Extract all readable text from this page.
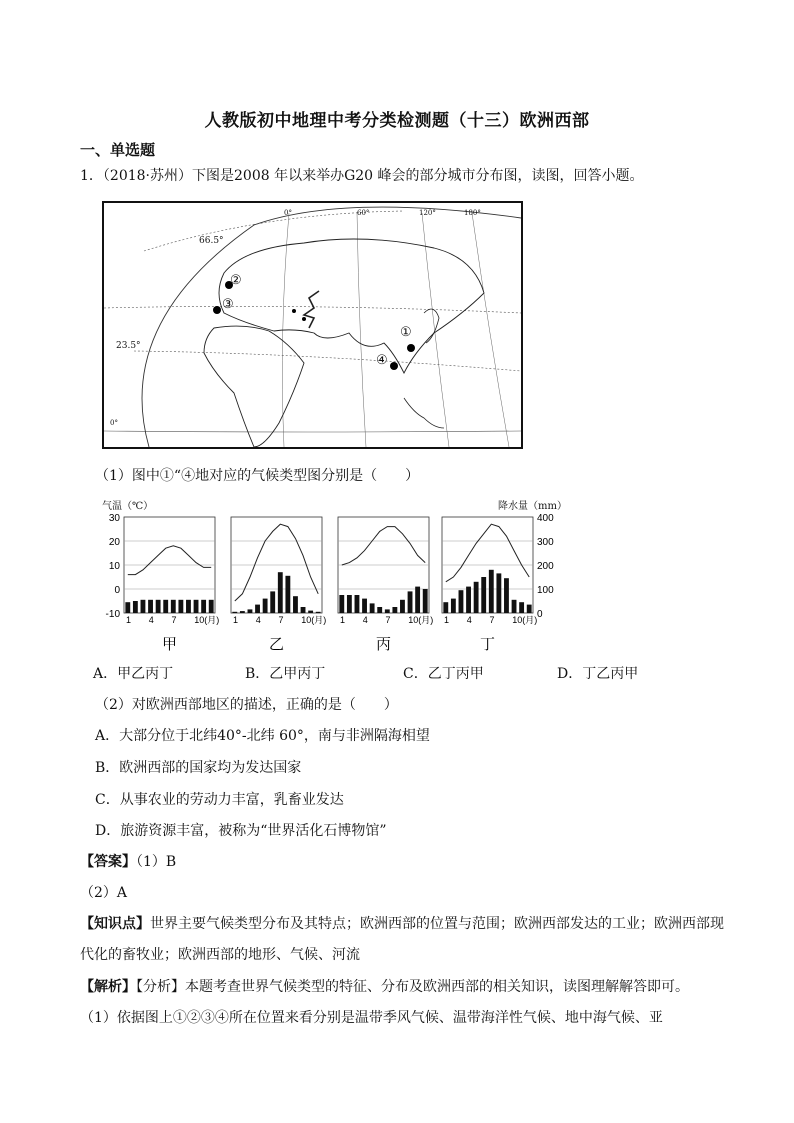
人教版初中地理中考分类检测题（十三）欧洲西部
一、单选题
1．（2018·苏州）下图是2008 年以来举办G20 峰会的部分城市分布图，读图，回答小题。
0°	60°	120°	180°
66.5°
23.5°
0°
①
②
③
④
（1）图中①“④地对应的气候类型图分别是（　　）
气温（℃）	降水量（mm）
30
20
10
0
-10
400
300
200
100
0
1 4 7 10(月)
甲
1 4 7 10(月)
乙
1 4 7 10(月)
丙
1 4 7 10(月)
丁
A．甲乙丙丁	B．乙甲丙丁	C．乙丁丙甲	D．丁乙丙甲
（2）对欧洲西部地区的描述，正确的是（　　）
A．大部分位于北纬40°-北纬 60°，南与非洲隔海相望
B．欧洲西部的国家均为发达国家
C．从事农业的劳动力丰富，乳畜业发达
D．旅游资源丰富，被称为“世界活化石博物馆”
【答案】（1）B
（2）A
【知识点】世界主要气候类型分布及其特点；欧洲西部的位置与范围；欧洲西部发达的工业；欧洲西部现
代化的畜牧业；欧洲西部的地形、气候、河流
【解析】【分析】本题考查世界气候类型的特征、分布及欧洲西部的相关知识，读图理解解答即可。
（1）依据图上①②③④所在位置来看分别是温带季风气候、温带海洋性气候、地中海气候、亚
